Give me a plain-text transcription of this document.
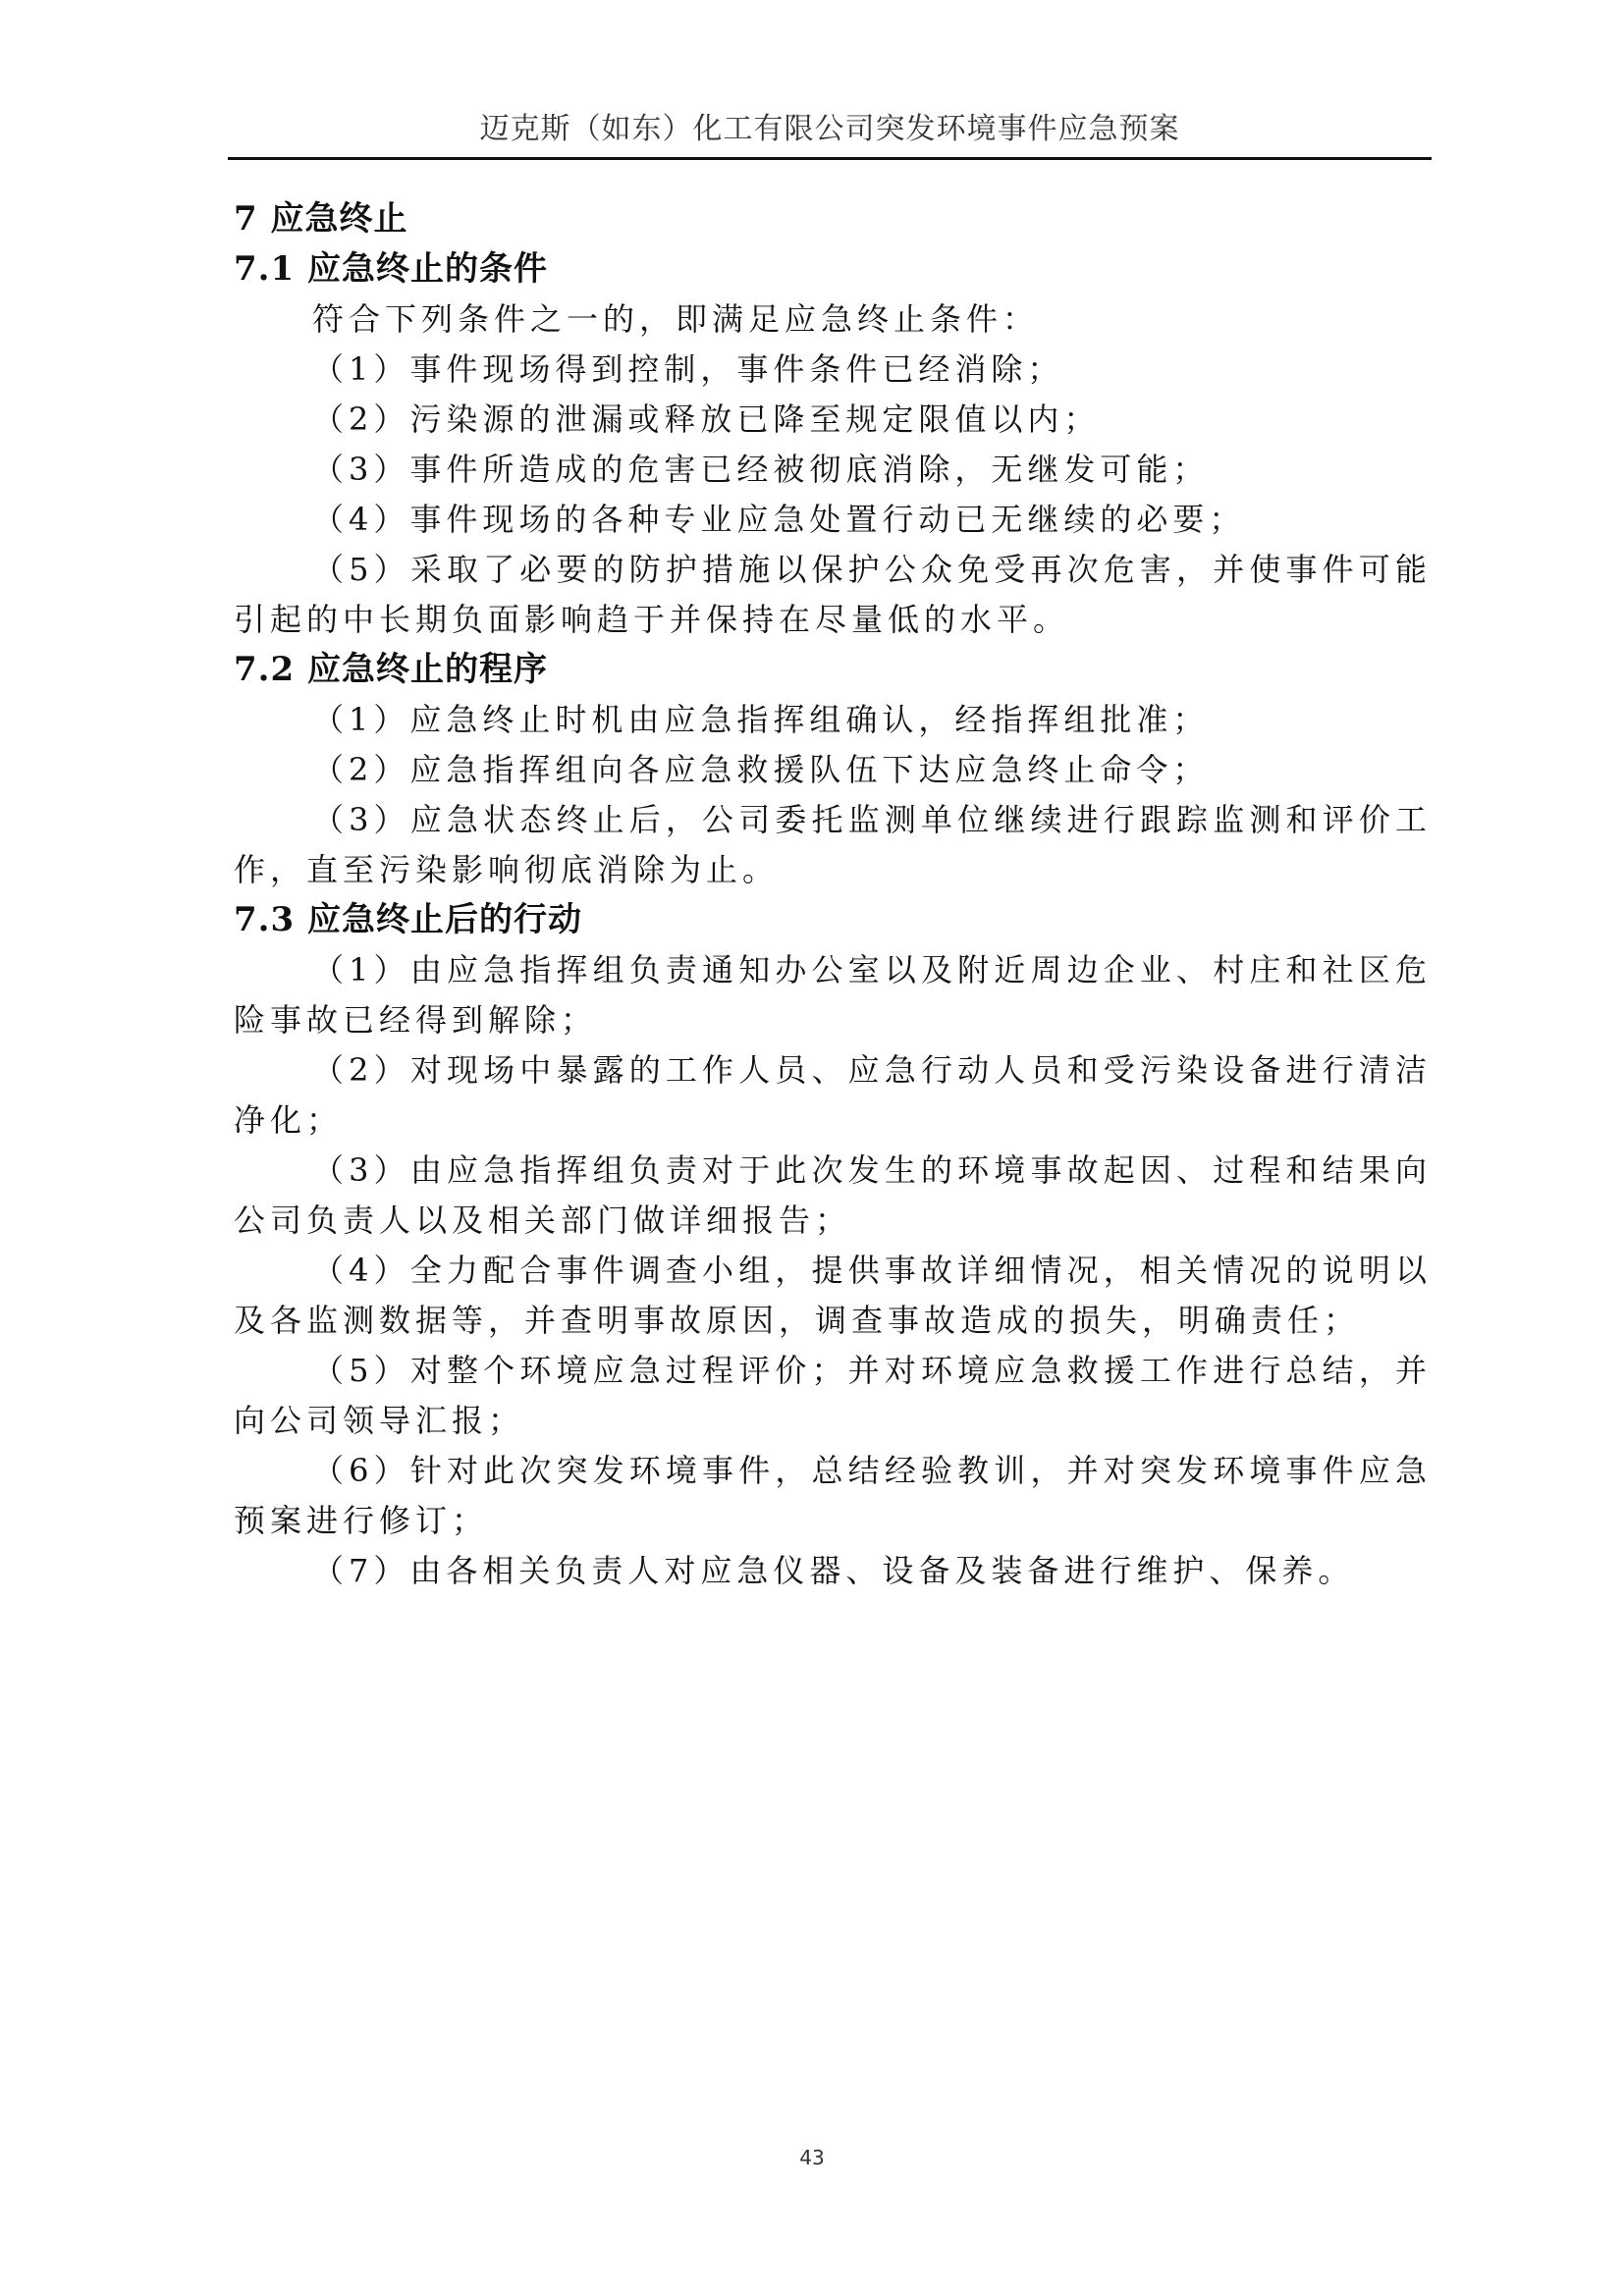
迈克斯（如东）化工有限公司突发环境事件应急预案
7 应急终止
7.1 应急终止的条件

符合下列条件之一的，即满足应急终止条件：

（1）事件现场得到控制，事件条件已经消除；

（2）污染源的泄漏或释放已降至规定限值以内；

（3）事件所造成的危害已经被彻底消除，无继发可能；

（4）事件现场的各种专业应急处置行动已无继续的必要；

（5）采取了必要的防护措施以保护公众免受再次危害，并使事件可能引起的中长期负面影响趋于并保持在尽量低的水平。

7.2 应急终止的程序

（1）应急终止时机由应急指挥组确认，经指挥组批准；

（2）应急指挥组向各应急救援队伍下达应急终止命令；

（3）应急状态终止后，公司委托监测单位继续进行跟踪监测和评价工作，直至污染影响彻底消除为止。

7.3 应急终止后的行动

（1）由应急指挥组负责通知办公室以及附近周边企业、村庄和社区危险事故已经得到解除；

（2）对现场中暴露的工作人员、应急行动人员和受污染设备进行清洁净化；

（3）由应急指挥组负责对于此次发生的环境事故起因、过程和结果向公司负责人以及相关部门做详细报告；

（4）全力配合事件调查小组，提供事故详细情况，相关情况的说明以及各监测数据等，并查明事故原因，调查事故造成的损失，明确责任；

（5）对整个环境应急过程评价；并对环境应急救援工作进行总结，并向公司领导汇报；

（6）针对此次突发环境事件，总结经验教训，并对突发环境事件应急预案进行修订；

（7）由各相关负责人对应急仪器、设备及装备进行维护、保养。

43
